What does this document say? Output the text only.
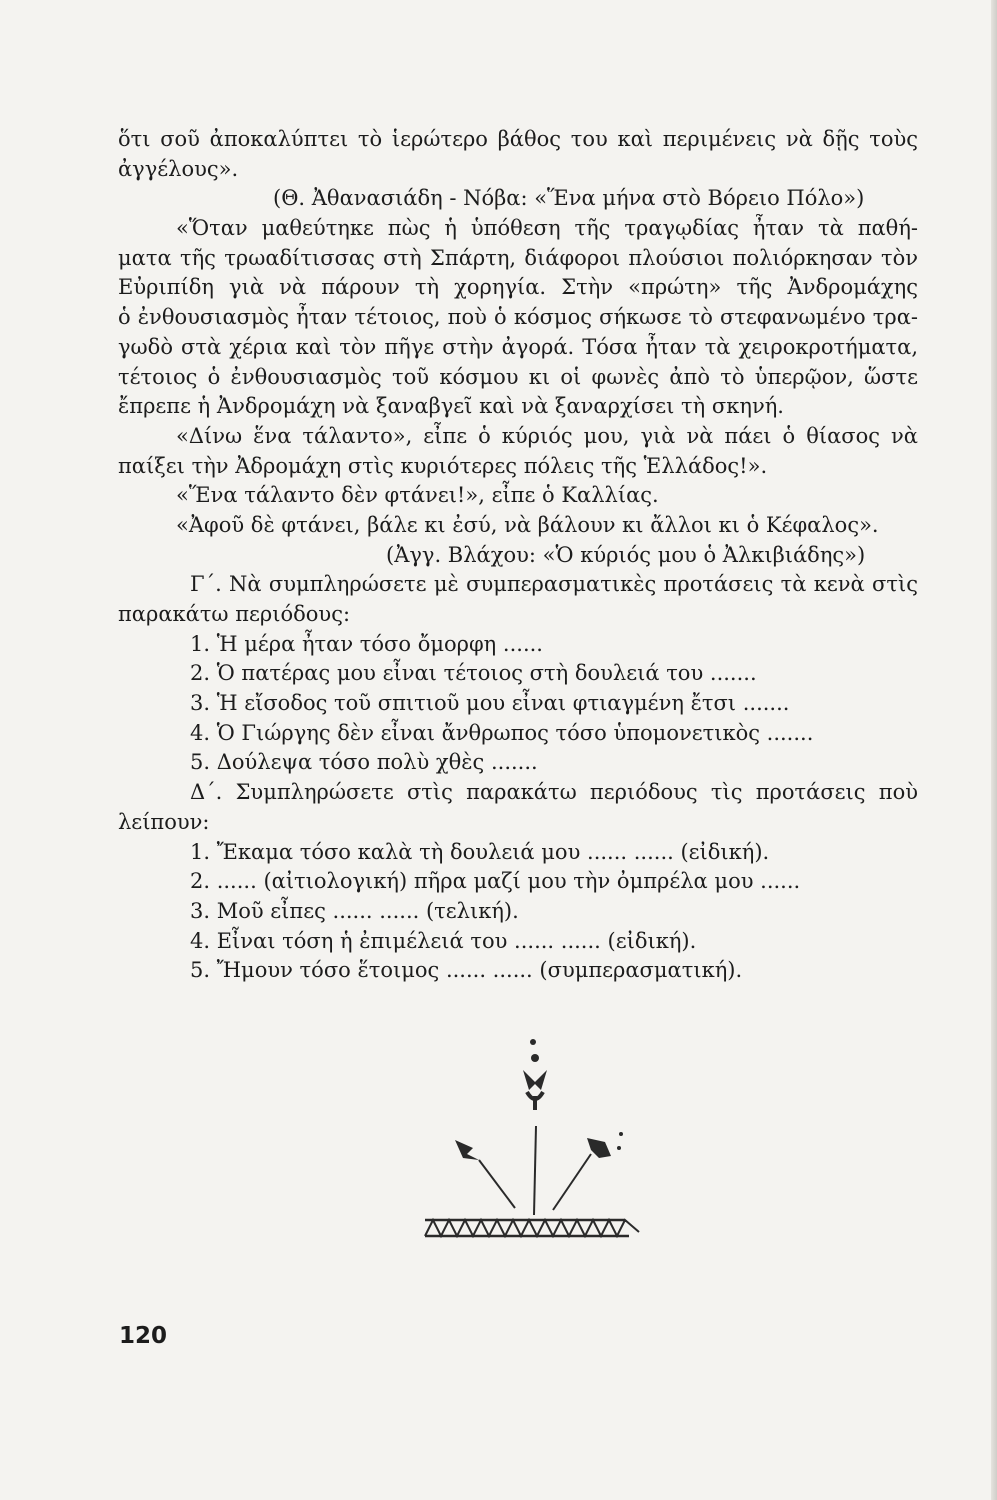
ὅτι σοῦ ἀποκαλύπτει τὸ ἱερώτερο βάθος του καὶ περιμένεις νὰ δῇς τοὺς
ἀγγέλους».
(Θ. Ἀθανασιάδη - Νόβα: «Ἕνα μήνα στὸ Βόρειο Πόλο»)
«Ὅταν μαθεύτηκε πὼς ἡ ὑπόθεση τῆς τραγῳδίας ἦταν τὰ παθή-
ματα τῆς τρωαδίτισσας στὴ Σπάρτη, διάφοροι πλούσιοι πολιόρκησαν τὸν
Εὐριπίδη γιὰ νὰ πάρουν τὴ χορηγία. Στὴν «πρώτη» τῆς Ἀνδρομάχης
ὁ ἐνθουσιασμὸς ἦταν τέτοιος, ποὺ ὁ κόσμος σήκωσε τὸ στεφανωμένο τρα-
γωδὸ στὰ χέρια καὶ τὸν πῆγε στὴν ἀγορά. Τόσα ἦταν τὰ χειροκροτήματα,
τέτοιος ὁ ἐνθουσιασμὸς τοῦ κόσμου κι οἱ φωνὲς ἀπὸ τὸ ὑπερῷον, ὥστε
ἔπρεπε ἡ Ἀνδρομάχη νὰ ξαναβγεῖ καὶ νὰ ξαναρχίσει τὴ σκηνή.
«Δίνω ἕνα τάλαντο», εἶπε ὁ κύριός μου, γιὰ νὰ πάει ὁ θίασος νὰ
παίξει τὴν Ἀδρομάχη στὶς κυριότερες πόλεις τῆς Ἑλλάδος!».
«Ἕνα τάλαντο δὲν φτάνει!», εἶπε ὁ Καλλίας.
«Ἀφοῦ δὲ φτάνει, βάλε κι ἐσύ, νὰ βάλουν κι ἄλλοι κι ὁ Κέφαλος».
(Ἀγγ. Βλάχου: «Ὁ κύριός μου ὁ Ἀλκιβιάδης»)
Γ΄. Νὰ συμπληρώσετε μὲ συμπερασματικὲς προτάσεις τὰ κενὰ στὶς
παρακάτω περιόδους:
1. Ἡ μέρα ἦταν τόσο ὄμορφη ......
2. Ὁ πατέρας μου εἶναι τέτοιος στὴ δουλειά του .......
3. Ἡ εἴσοδος τοῦ σπιτιοῦ μου εἶναι φτιαγμένη ἔτσι .......
4. Ὁ Γιώργης δὲν εἶναι ἄνθρωπος τόσο ὑπομονετικὸς .......
5. Δούλεψα τόσο πολὺ χθὲς .......
Δ΄. Συμπληρώσετε στὶς παρακάτω περιόδους τὶς προτάσεις ποὺ
λείπουν:
1. Ἔκαμα τόσο καλὰ τὴ δουλειά μου ...... ...... (εἰδική).
2. ...... (αἰτιολογική) πῆρα μαζί μου τὴν ὀμπρέλα μου ......
3. Μοῦ εἶπες ...... ...... (τελική).
4. Εἶναι τόση ἡ ἐπιμέλειά του ...... ...... (εἰδική).
5. Ἤμουν τόσο ἕτοιμος ...... ...... (συμπερασματική).
120
